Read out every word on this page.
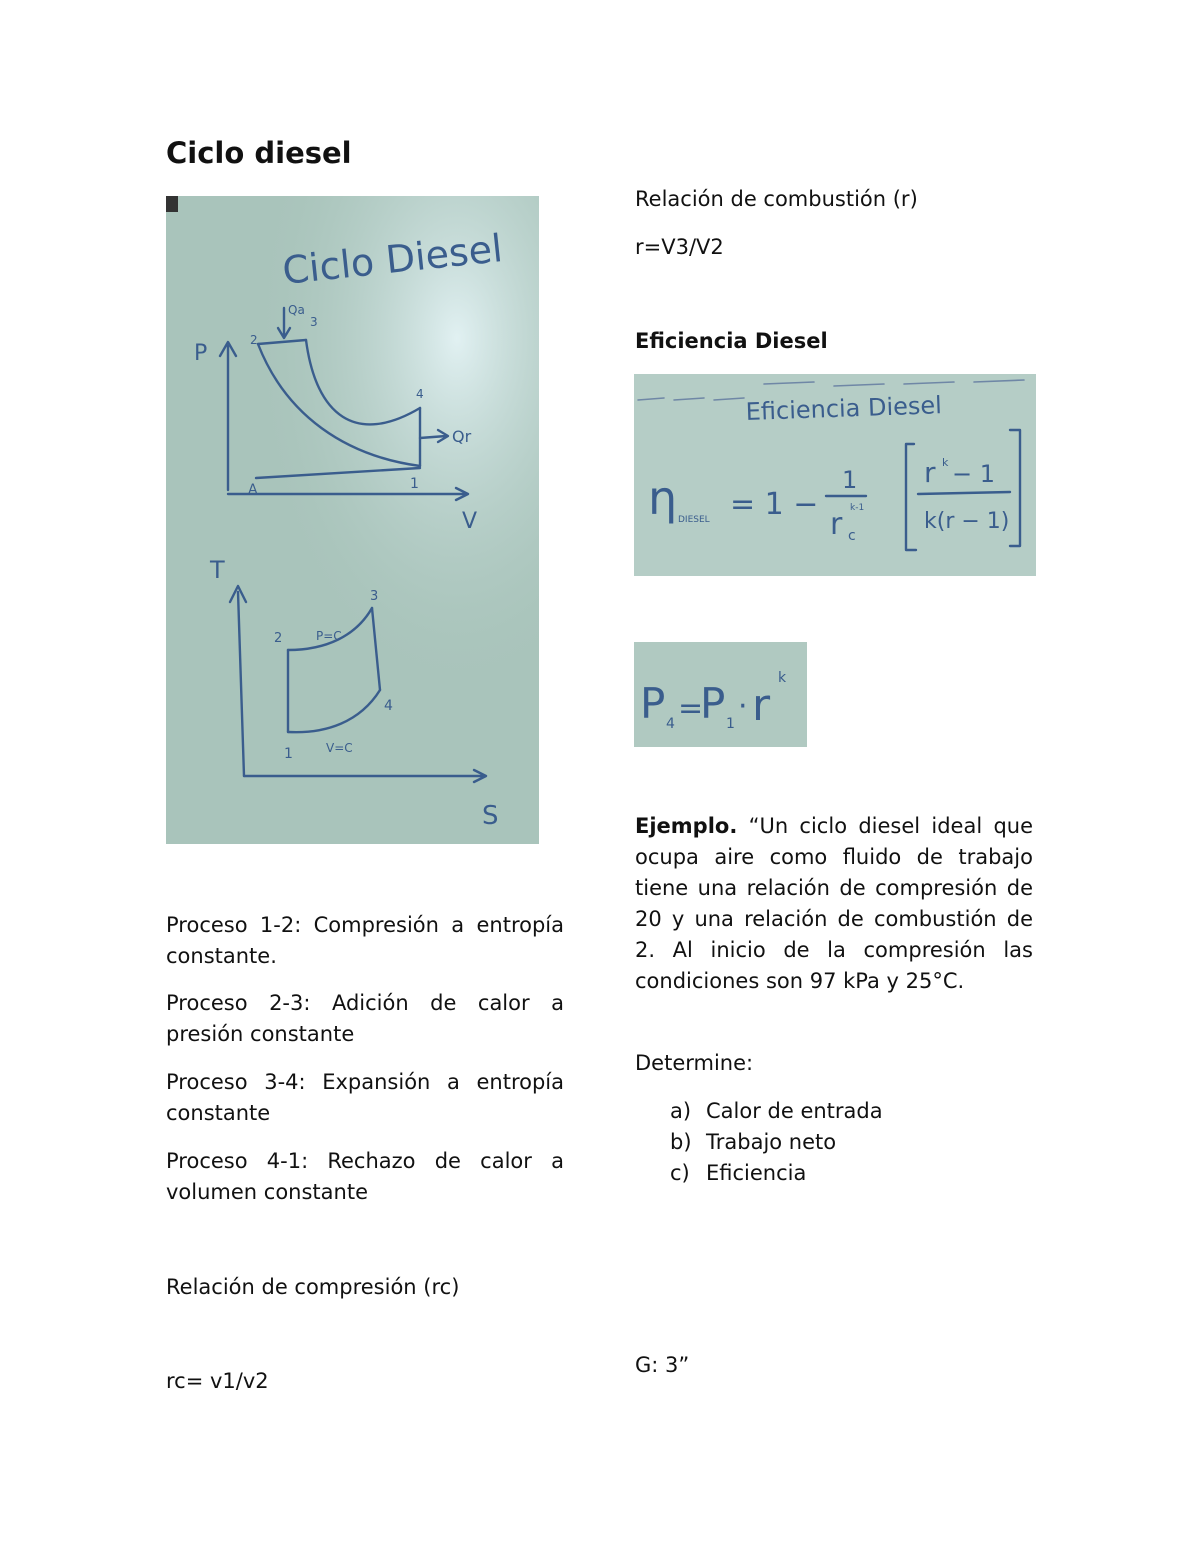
Ciclo diesel
Ciclo Diesel
P
V
Qa
Qr
1
2
3
4
A
T
S
P=C
V=C
1
2
3
4

Proceso 1-2: Compresión a entropía constante.

Proceso 2-3: Adición de calor a presión constante

Proceso 3-4: Expansión a entropía constante

Proceso 4-1: Rechazo de calor a volumen constante

Relación de compresión (rc)

rc= v1/v2

Relación de combustión (r)

r=V3/V2

Eficiencia Diesel

Eficiencia Diesel
η DIESEL = 1 −
1
r c
k-1
r k − 1
k(r − 1)
P 4 =
P 1 · r
k

Ejemplo. “Un ciclo diesel ideal que ocupa aire como fluido de trabajo tiene una relación de compresión de 20 y una relación de combustión de 2. Al inicio de la compresión las condiciones son 97 kPa y 25°C.

Determine:

a) Calor de entrada
b) Trabajo neto
c) Eficiencia

G: 3”
